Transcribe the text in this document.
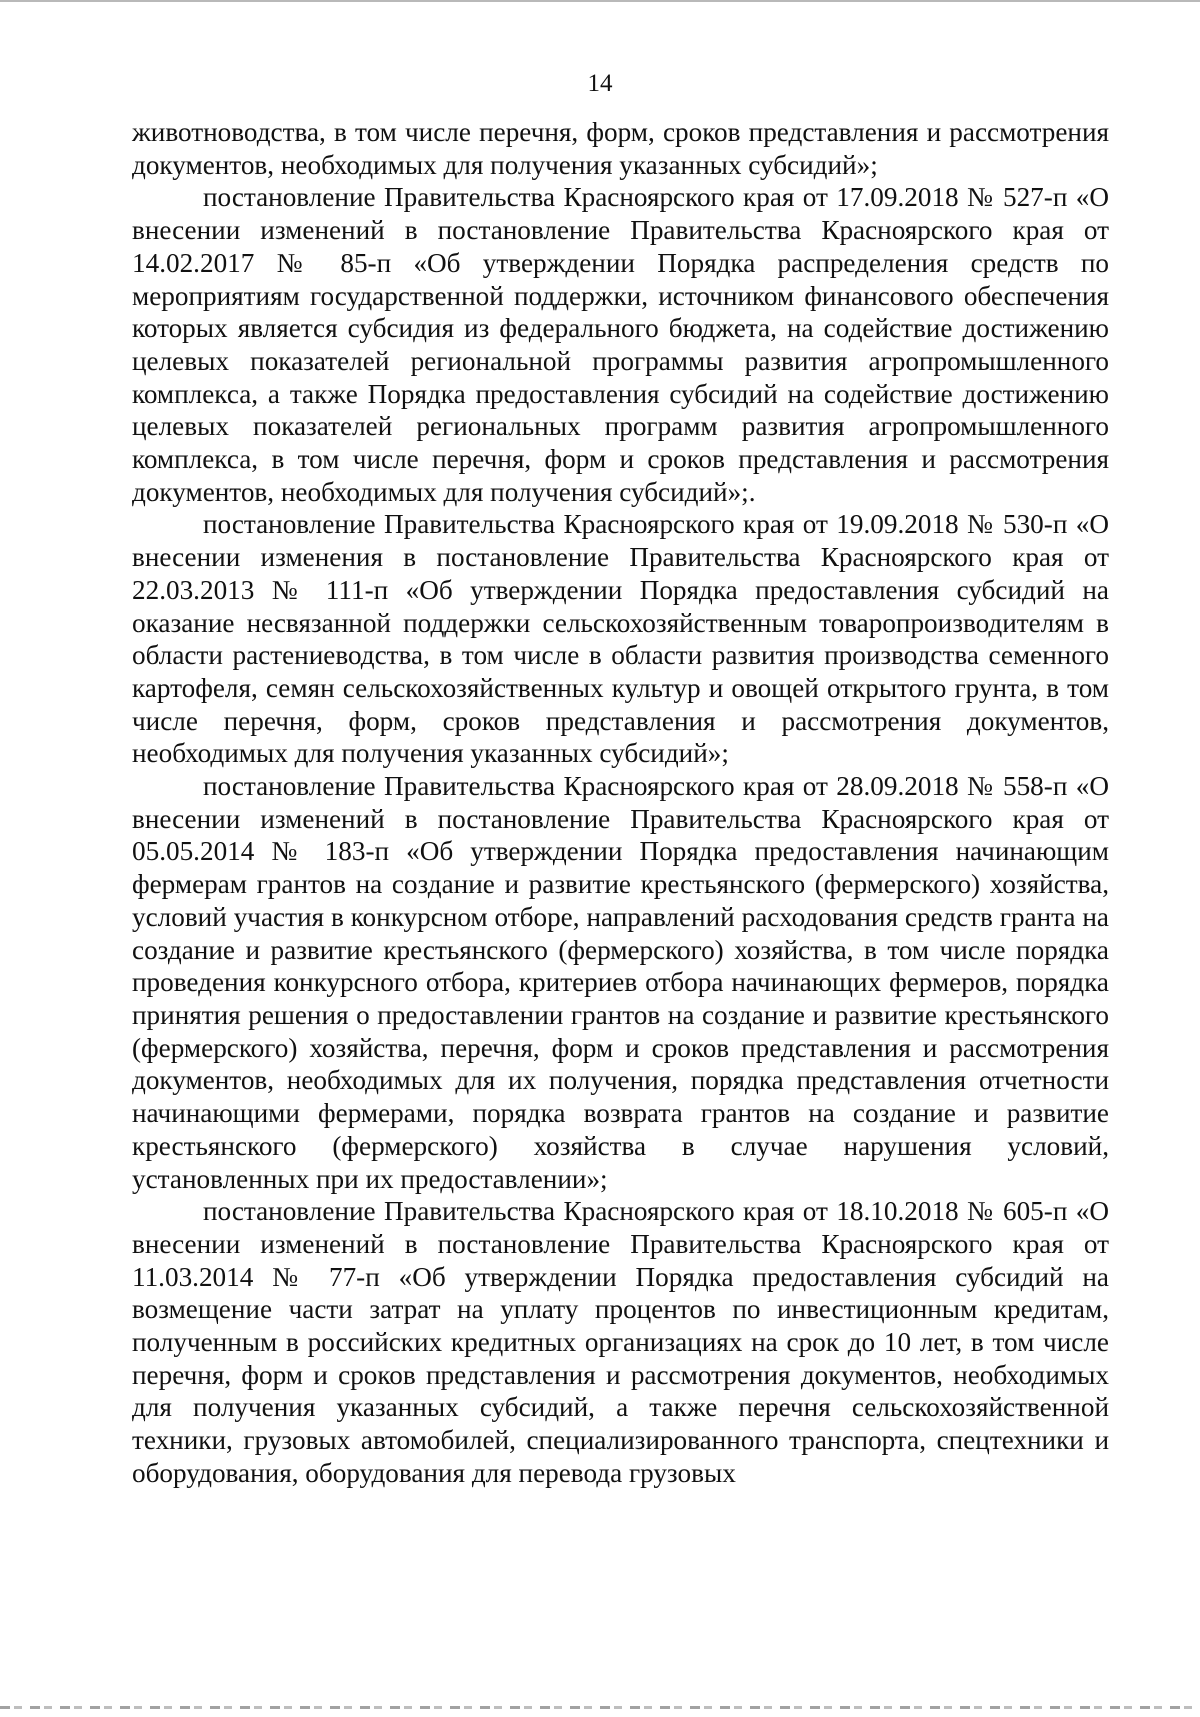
14

животноводства, в том числе перечня, форм, сроков представления и рассмотрения документов, необходимых для получения указанных субсидий»;

постановление Правительства Красноярского края от 17.09.2018 № 527-п «О внесении изменений в постановление Правительства Красноярского края от 14.02.2017 № 85-п «Об утверждении Порядка распределения средств по мероприятиям государственной поддержки, источником финансового обеспечения которых является субсидия из федерального бюджета, на содействие достижению целевых показателей региональной программы развития агропромышленного комплекса, а также Порядка предоставления субсидий на содействие достижению целевых показателей региональных программ развития агропромышленного комплекса, в том числе перечня, форм и сроков представления и рассмотрения документов, необходимых для получения субсидий»;.

постановление Правительства Красноярского края от 19.09.2018 № 530-п «О внесении изменения в постановление Правительства Красноярского края от 22.03.2013 № 111-п «Об утверждении Порядка предоставления субсидий на оказание несвязанной поддержки сельскохозяйственным товаропроизводителям в области растениеводства, в том числе в области развития производства семенного картофеля, семян сельскохозяйственных культур и овощей открытого грунта, в том числе перечня, форм, сроков представления и рассмотрения документов, необходимых для получения указанных субсидий»;

постановление Правительства Красноярского края от 28.09.2018 № 558-п «О внесении изменений в постановление Правительства Красноярского края от 05.05.2014 № 183-п «Об утверждении Порядка предоставления начинающим фермерам грантов на создание и развитие крестьянского (фермерского) хозяйства, условий участия в конкурсном отборе, направлений расходования средств гранта на создание и развитие крестьянского (фермерского) хозяйства, в том числе порядка проведения конкурсного отбора, критериев отбора начинающих фермеров, порядка принятия решения о предоставлении грантов на создание и развитие крестьянского (фермерского) хозяйства, перечня, форм и сроков представления и рассмотрения документов, необходимых для их получения, порядка представления отчетности начинающими фермерами, порядка возврата грантов на создание и развитие крестьянского (фермерского) хозяйства в случае нарушения условий, установленных при их предоставлении»;

постановление Правительства Красноярского края от 18.10.2018 № 605-п «О внесении изменений в постановление Правительства Красноярского края от 11.03.2014 № 77-п «Об утверждении Порядка предоставления субсидий на возмещение части затрат на уплату процентов по инвестиционным кредитам, полученным в российских кредитных организациях на срок до 10 лет, в том числе перечня, форм и сроков представления и рассмотрения документов, необходимых для получения указанных субсидий, а также перечня сельскохозяйственной техники, грузовых автомобилей, специализированного транспорта, спецтехники и оборудования, оборудования для перевода грузовых
